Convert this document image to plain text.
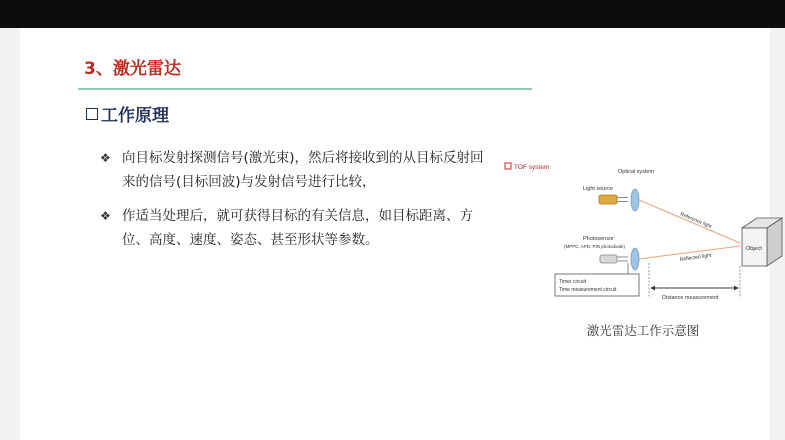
3、激光雷达
工作原理
❖ 向目标发射探测信号(激光束)，然后将接收到的从目标反射回来的信号(目标回波)与发射信号进行比较，
❖ 作适当处理后，就可获得目标的有关信息，如目标距离、方位、高度、速度、姿态、甚至形状等参数。
TOF system
Optical system
Light source
Photosensor
(MPPC, APD, PIN photodiode)
Reference light
Reflected light
Object
Timer circuit
Time measurement circuit
Distance measurement
激光雷达工作示意图
